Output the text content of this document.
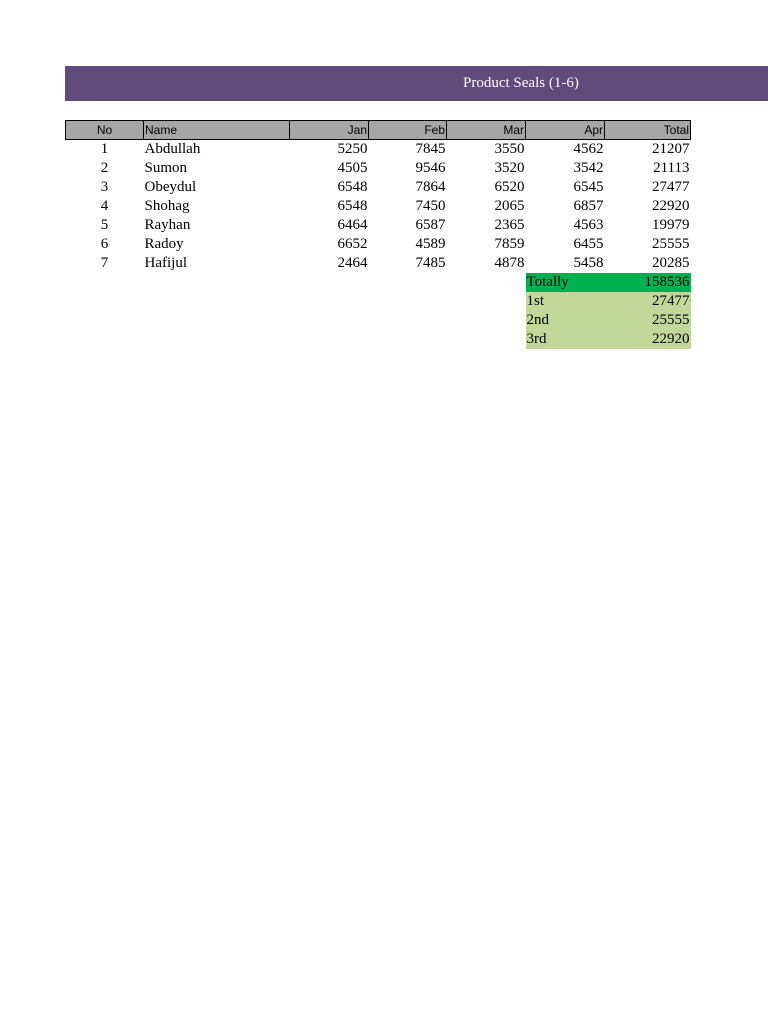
Product Seals (1-6)
No	Name	Jan	Feb	Mar	Apr	Total
1	Abdullah	5250	7845	3550	4562	21207
2	Sumon	4505	9546	3520	3542	21113
3	Obeydul	6548	7864	6520	6545	27477
4	Shohag	6548	7450	2065	6857	22920
5	Rayhan	6464	6587	2365	4563	19979
6	Radoy	6652	4589	7859	6455	25555
7	Hafijul	2464	7485	4878	5458	20285
					Totally	158536
					1st	27477
					2nd	25555
					3rd	22920
